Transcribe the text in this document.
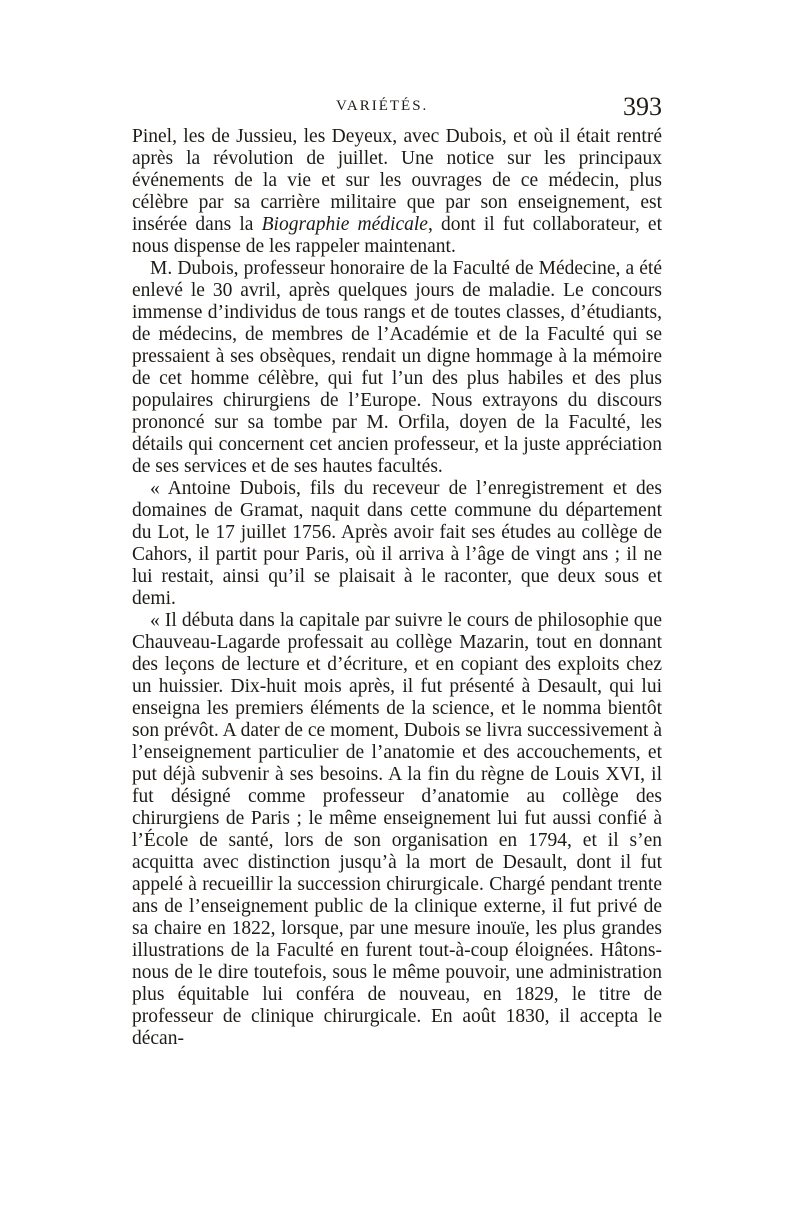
VARIÉTÉS.	393

Pinel, les de Jussieu, les Deyeux, avec Dubois, et où il était rentré après la révolution de juillet. Une notice sur les principaux événements de la vie et sur les ouvrages de ce médecin, plus célèbre par sa carrière militaire que par son enseignement, est insérée dans la Biographie médicale, dont il fut collaborateur, et nous dispense de les rappeler maintenant.

M. Dubois, professeur honoraire de la Faculté de Médecine, a été enlevé le 30 avril, après quelques jours de maladie. Le concours immense d’individus de tous rangs et de toutes classes, d’étudiants, de médecins, de membres de l’Académie et de la Faculté qui se pressaient à ses obsèques, rendait un digne hommage à la mémoire de cet homme célèbre, qui fut l’un des plus habiles et des plus populaires chirurgiens de l’Europe. Nous extrayons du discours prononcé sur sa tombe par M. Orfila, doyen de la Faculté, les détails qui concernent cet ancien professeur, et la juste appréciation de ses services et de ses hautes facultés.

« Antoine Dubois, fils du receveur de l’enregistrement et des domaines de Gramat, naquit dans cette commune du département du Lot, le 17 juillet 1756. Après avoir fait ses études au collège de Cahors, il partit pour Paris, où il arriva à l’âge de vingt ans ; il ne lui restait, ainsi qu’il se plaisait à le raconter, que deux sous et demi.

« Il débuta dans la capitale par suivre le cours de philosophie que Chauveau-Lagarde professait au collège Mazarin, tout en donnant des leçons de lecture et d’écriture, et en copiant des exploits chez un huissier. Dix-huit mois après, il fut présenté à Desault, qui lui enseigna les premiers éléments de la science, et le nomma bientôt son prévôt. A dater de ce moment, Dubois se livra successivement à l’enseignement particulier de l’anatomie et des accouchements, et put déjà subvenir à ses besoins. A la fin du règne de Louis XVI, il fut désigné comme professeur d’anatomie au collège des chirurgiens de Paris ; le même enseignement lui fut aussi confié à l’École de santé, lors de son organisation en 1794, et il s’en acquitta avec distinction jusqu’à la mort de Desault, dont il fut appelé à recueillir la succession chirurgicale. Chargé pendant trente ans de l’enseignement public de la clinique externe, il fut privé de sa chaire en 1822, lorsque, par une mesure inouïe, les plus grandes illustrations de la Faculté en furent tout-à-coup éloignées. Hâtons-nous de le dire toutefois, sous le même pouvoir, une administration plus équitable lui conféra de nouveau, en 1829, le titre de professeur de clinique chirurgicale. En août 1830, il accepta le décan-
